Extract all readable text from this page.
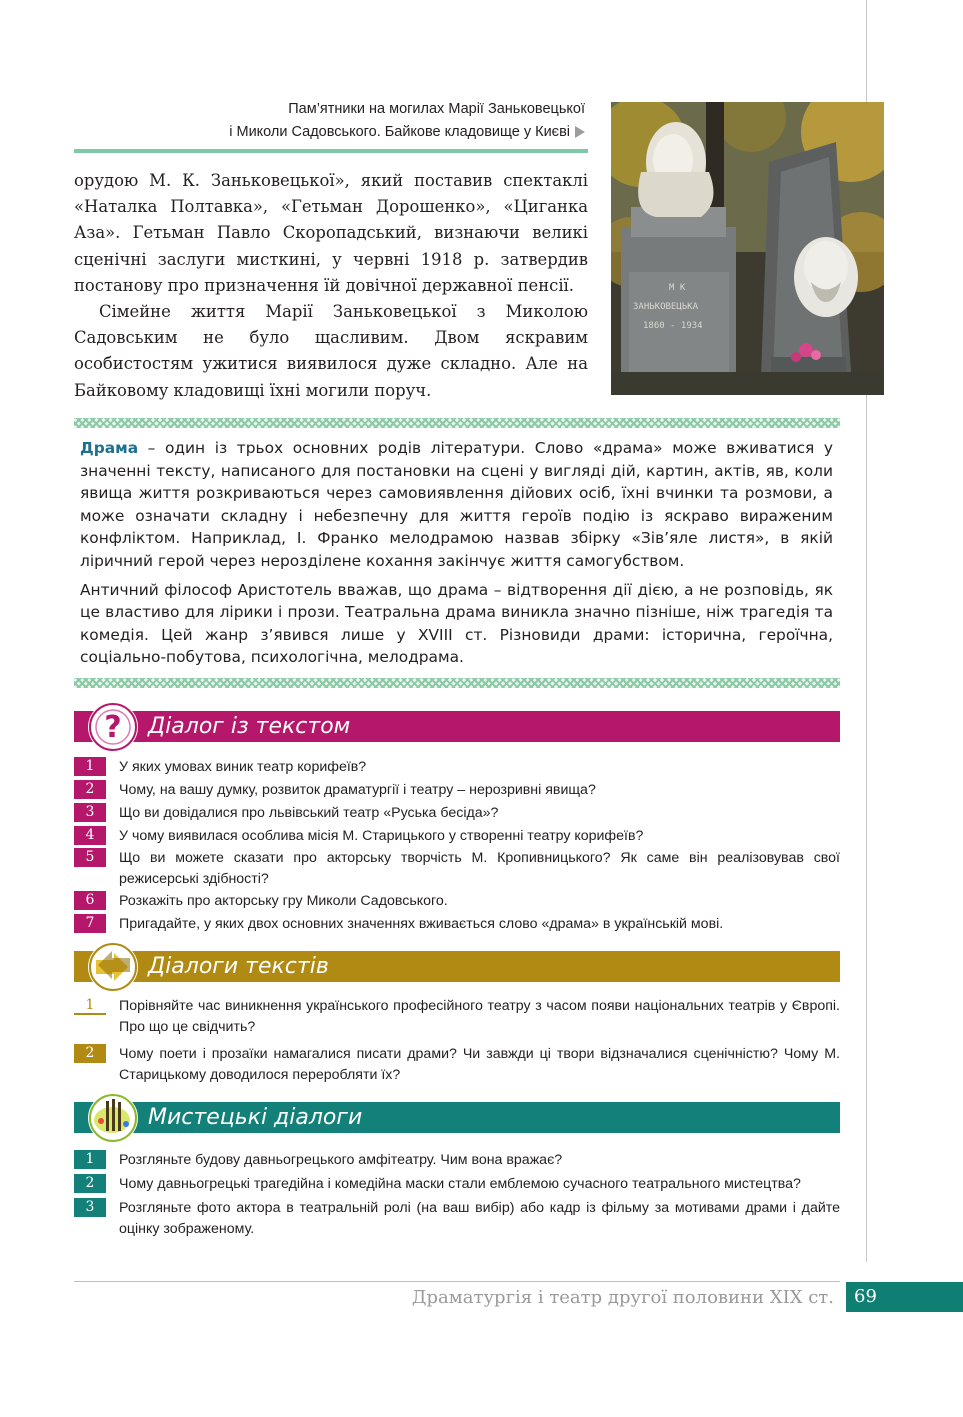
Пам’ятники на могилах Марії Заньковецької
і Миколи Садовського. Байкове кладовище у Києві
М К
ЗАНЬКОВЕЦЬКА
1860 - 1934

орудою М. К. Заньковецької», який поставив спектаклі «Наталка Полтавка», «Гетьман Дорошенко», «Циганка Аза». Гетьман Павло Скоропадський, визнаючи великі сценічні заслуги мисткині, у червні 1918 р. затвердив постанову про призначення їй довічної державної пенсії.

Сімейне життя Марії Заньковецької з Миколою Садовським не було щасливим. Двом яскравим особистостям ужитися виявилося дуже складно. Але на Байковому кладовищі їхні могили поруч.

Драма – один із трьох основних родів літератури. Слово «драма» може вживатися у значенні тексту, написаного для постановки на сцені у вигляді дій, картин, актів, яв, коли явища життя розкриваються через самовиявлення дійових осіб, їхні вчинки та розмови, а може означати складну і небезпечну для життя героїв подію із яскраво вираженим конфліктом. Наприклад, І. Франко мелодрамою назвав збірку «Зів’яле листя», в якій ліричний герой через нерозділене кохання закінчує життя самогубством.

Античний філософ Аристотель вважав, що драма – відтворення дії дією, а не розповідь, як це властиво для лірики і прози. Театральна драма виникла значно пізніше, ніж трагедія та комедія. Цей жанр з’явився лише у XVIII ст. Різновиди драми: історична, героїчна, соціально-побутова, психологічна, мелодрама.

Діалог із текстом
?
1	У яких умовах виник театр корифеїв?
2	Чому, на вашу думку, розвиток драматургії і театру – нерозривні явища?
3	Що ви довідалися про львівський театр «Руська бесіда»?
4	У чому виявилася особлива місія М. Старицького у створенні театру корифеїв?
5	Що ви можете сказати про акторську творчість М. Кропивницького? Як саме він реалізовував свої режисерські здібності?
6	Розкажіть про акторську гру Миколи Садовського.
7	Пригадайте, у яких двох основних значеннях вживається слово «драма» в українській мові.
Діалоги текстів
1	Порівняйте час виникнення українського професійного театру з часом появи національних театрів у Європі. Про що це свідчить?
2	Чому поети і прозаїки намагалися писати драми? Чи завжди ці твори відзначалися сценічністю? Чому М. Старицькому доводилося переробляти їх?
Мистецькі діалоги
1	Розгляньте будову давньогрецького амфітеатру. Чим вона вражає?
2	Чому давньогрецькі трагедійна і комедійна маски стали емблемою сучасного театрального мистецтва?
3	Розгляньте фото актора в театральній ролі (на ваш вибір) або кадр із фільму за мотивами драми і дайте оцінку зображеному.
Драматургія і театр другої половини XIX ст.	69
